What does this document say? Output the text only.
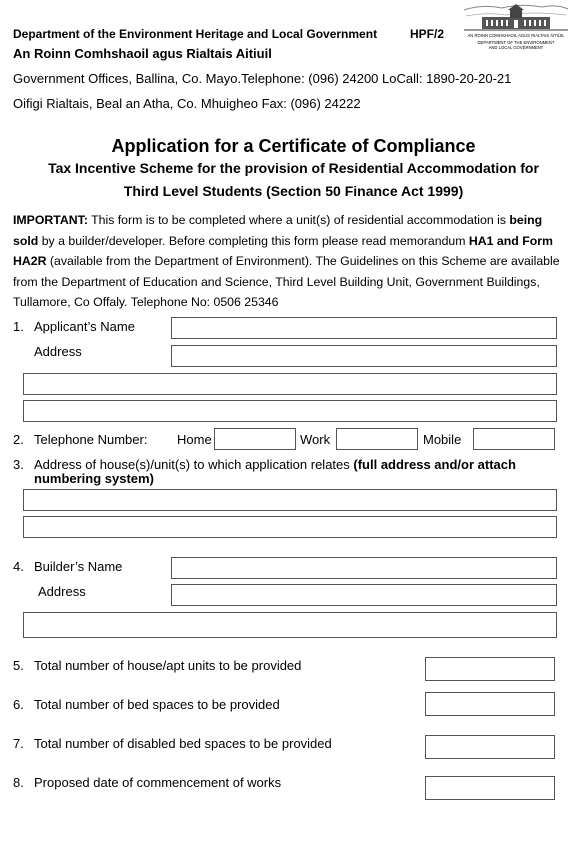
Department of the Environment Heritage and Local Government	HPF/2
An Roinn Comhshaoil agus Rialtais Aitiuil
Government Offices, Ballina, Co. Mayo.Telephone: (096) 24200 LoCall: 1890-20-20-21
Oifigi Rialtais, Beal an Atha, Co. Mhuigheo Fax: (096) 24222
AN ROINN COMHSHAOIL AGUS RIALTAIS ÁITIÚIL
DEPARTMENT OF THE ENVIRONMENT
AND LOCAL GOVERNMENT
Application for a Certificate of Compliance
Tax Incentive Scheme for the provision of Residential Accommodation for
Third Level Students (Section 50 Finance Act 1999)
IMPORTANT: This form is to be completed where a unit(s) of residential accommodation is being sold by a builder/developer. Before completing this form please read memorandum HA1 and Form HA2R (available from the Department of Environment). The Guidelines on this Scheme are available from the Department of Education and Science, Third Level Building Unit, Government Buildings, Tullamore, Co Offaly. Telephone No: 0506 25346
1. Applicant’s Name
Address
2. Telephone Number: Home	Work	Mobile
3. Address of house(s)/unit(s) to which application relates (full address and/or attach
numbering system)
4. Builder’s Name
Address
5. Total number of house/apt units to be provided
6. Total number of bed spaces to be provided
7. Total number of disabled bed spaces to be provided
8. Proposed date of commencement of works
